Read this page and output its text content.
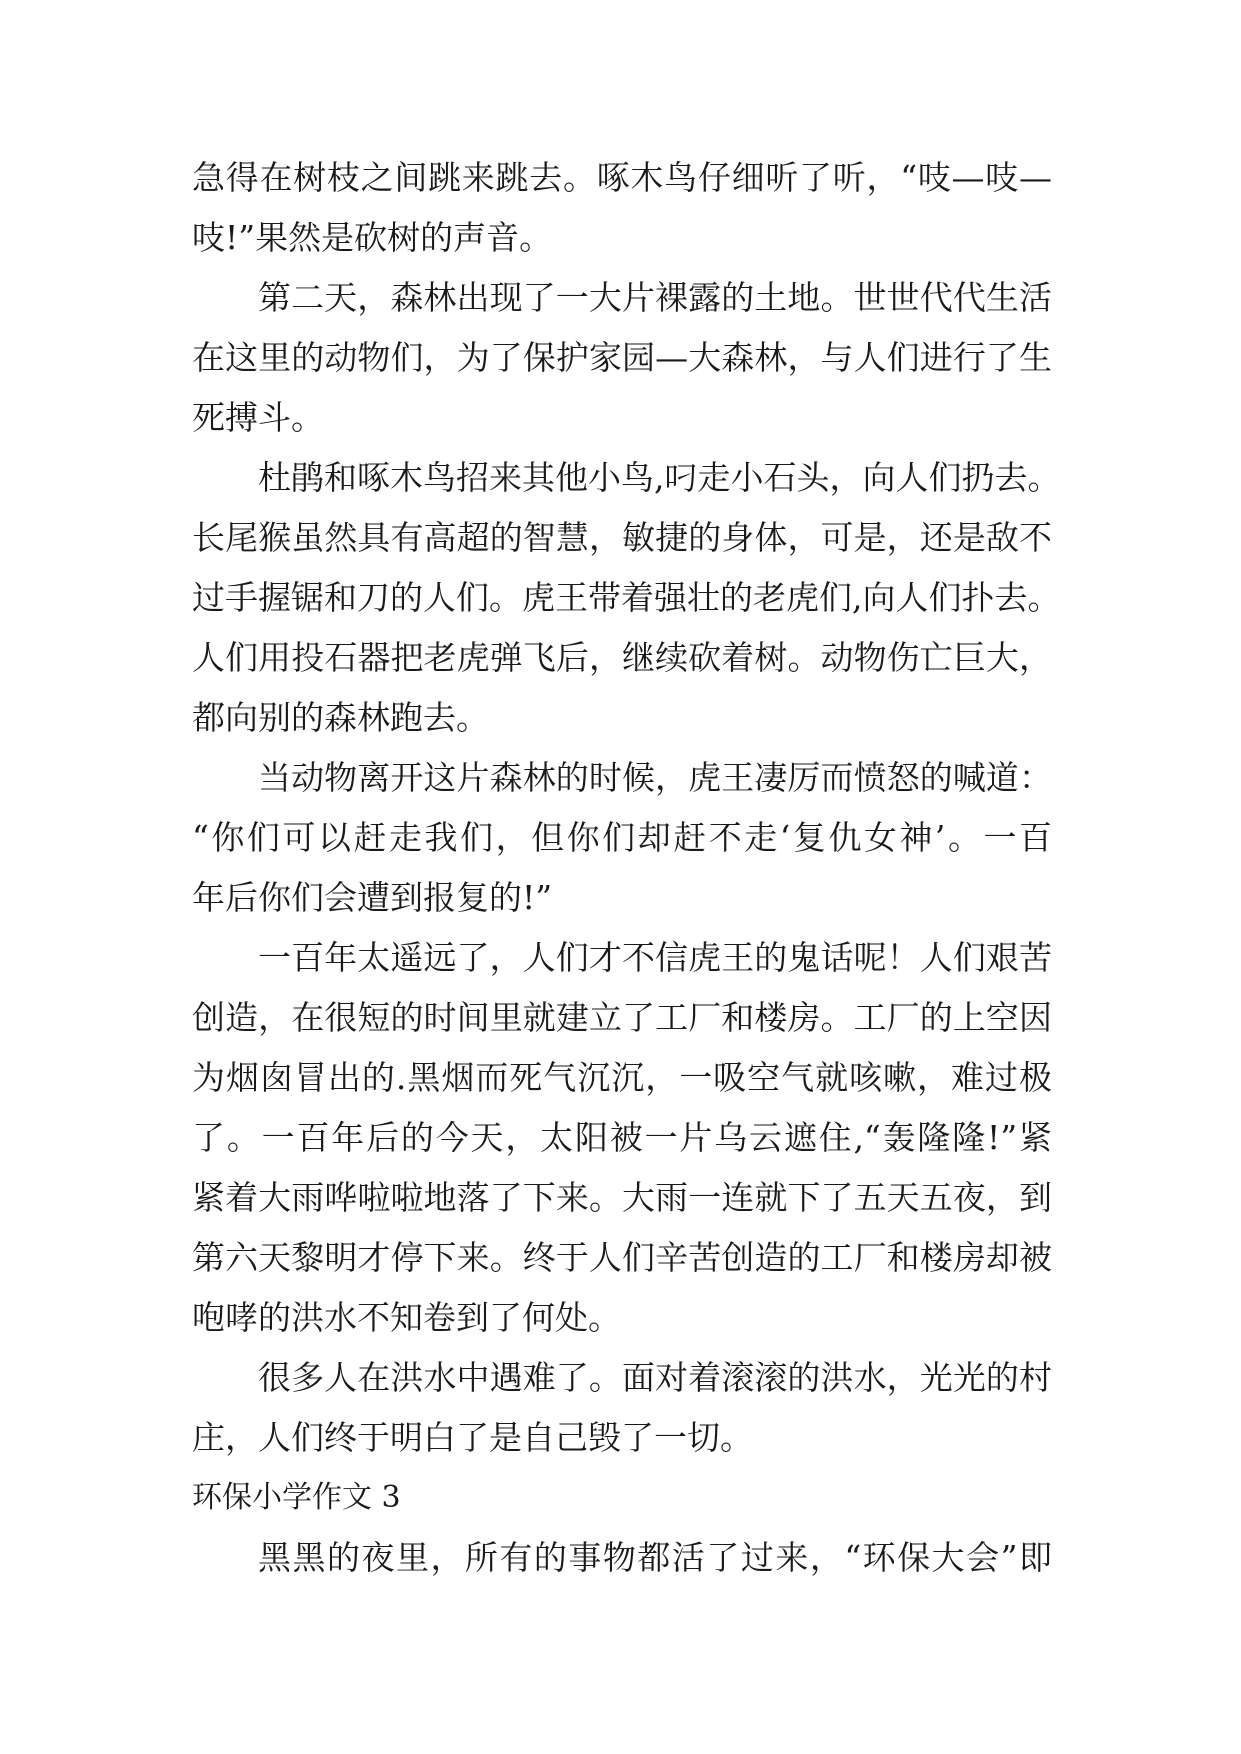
急得在树枝之间跳来跳去。啄木鸟仔细听了听，“吱—吱—
吱!”果然是砍树的声音。
第二天，森林出现了一大片裸露的土地。世世代代生活
在这里的动物们，为了保护家园—大森林，与人们进行了生
死搏斗。
杜鹃和啄木鸟招来其他小鸟,叼走小石头，向人们扔去。
长尾猴虽然具有高超的智慧，敏捷的身体，可是，还是敌不
过手握锯和刀的人们。虎王带着强壮的老虎们,向人们扑去。
人们用投石器把老虎弹飞后，继续砍着树。动物伤亡巨大，
都向别的森林跑去。
当动物离开这片森林的时候，虎王凄厉而愤怒的喊道：
“你们可以赶走我们，但你们却赶不走‘复仇女神’。一百
年后你们会遭到报复的!”
一百年太遥远了，人们才不信虎王的鬼话呢！人们艰苦
创造，在很短的时间里就建立了工厂和楼房。工厂的上空因
为烟囱冒出的.黑烟而死气沉沉，一吸空气就咳嗽，难过极
了。一百年后的今天，太阳被一片乌云遮住,“轰隆隆!”紧
紧着大雨哗啦啦地落了下来。大雨一连就下了五天五夜，到
第六天黎明才停下来。终于人们辛苦创造的工厂和楼房却被
咆哮的洪水不知卷到了何处。
很多人在洪水中遇难了。面对着滚滚的洪水，光光的村
庄，人们终于明白了是自己毁了一切。
环保小学作文 3
黑黑的夜里，所有的事物都活了过来，“环保大会”即
